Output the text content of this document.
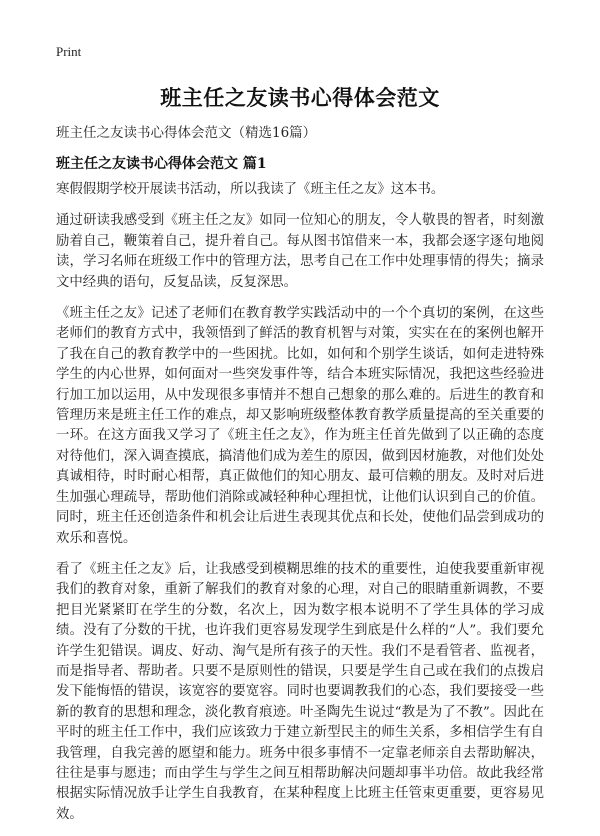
Print
班主任之友读书心得体会范文
班主任之友读书心得体会范文（精选16篇）
班主任之友读书心得体会范文 篇1

寒假假期学校开展读书活动，所以我读了《班主任之友》这本书。

通过研读我感受到《班主任之友》如同一位知心的朋友，令人敬畏的智者，时刻激励着自己，鞭策着自己，提升着自己。每从图书馆借来一本，我都会逐字逐句地阅读，学习名师在班级工作中的管理方法，思考自己在工作中处理事情的得失；摘录文中经典的语句，反复品读，反复深思。

《班主任之友》记述了老师们在教育教学实践活动中的一个个真切的案例，在这些老师们的教育方式中，我领悟到了鲜活的教育机智与对策，实实在在的案例也解开了我在自己的教育教学中的一些困扰。比如，如何和个别学生谈话，如何走进特殊学生的内心世界，如何面对一些突发事件等，结合本班实际情况，我把这些经验进行加工加以运用，从中发现很多事情并不想自己想象的那么难的。后进生的教育和管理历来是班主任工作的难点，却又影响班级整体教育教学质量提高的至关重要的一环。在这方面我又学习了《班主任之友》，作为班主任首先做到了以正确的态度对待他们，深入调查摸底，搞清他们成为差生的原因，做到因材施教，对他们处处真诚相待，时时耐心相帮，真正做他们的知心朋友、最可信赖的朋友。及时对后进生加强心理疏导，帮助他们消除或减轻种种心理担忧，让他们认识到自己的价值。同时，班主任还创造条件和机会让后进生表现其优点和长处，使他们品尝到成功的欢乐和喜悦。

看了《班主任之友》后，让我感受到模糊思维的技术的重要性，迫使我要重新审视我们的教育对象，重新了解我们的教育对象的心理，对自己的眼睛重新调教，不要把目光紧紧盯在学生的分数，名次上，因为数字根本说明不了学生具体的学习成绩。没有了分数的干扰，也许我们更容易发现学生到底是什么样的“人”。我们要允许学生犯错误。调皮、好动、淘气是所有孩子的天性。我们不是看管者、监视者，而是指导者、帮助者。只要不是原则性的错误，只要是学生自己或在我们的点拨启发下能悔悟的错误，该宽容的要宽容。同时也要调教我们的心态，我们要接受一些新的教育的思想和理念，淡化教育痕迹。叶圣陶先生说过“教是为了不教”。因此在平时的班主任工作中，我们应该致力于建立新型民主的师生关系，多相信学生有自我管理，自我完善的愿望和能力。班务中很多事情不一定靠老师亲自去帮助解决，往往是事与愿违；而由学生与学生之间互相帮助解决问题却事半功倍。故此我经常根据实际情况放手让学生自我教育，在某种程度上比班主任管束更重要，更容易见效。
